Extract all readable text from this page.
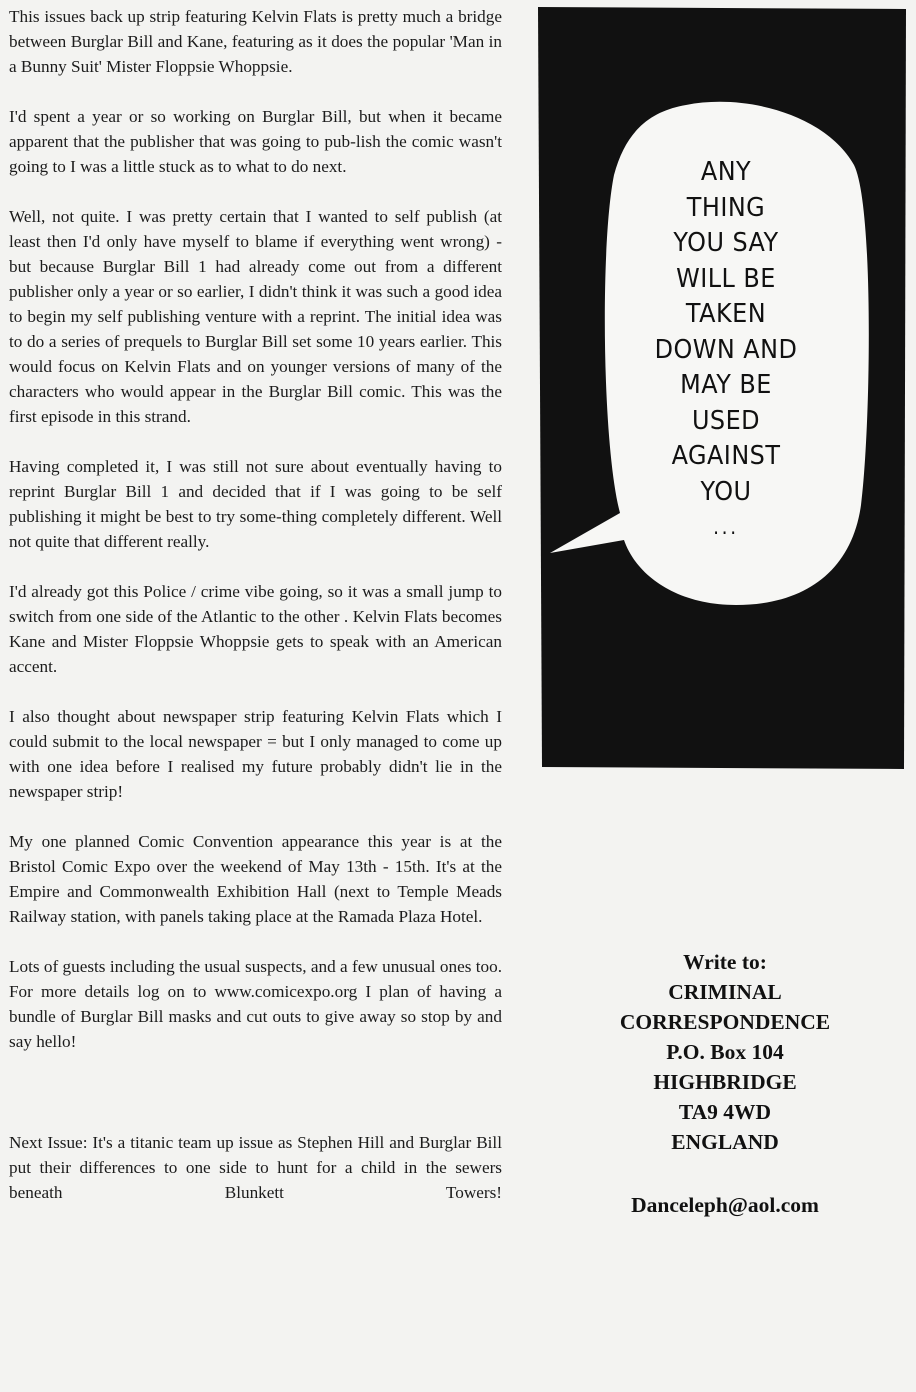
This issues back up strip featuring Kelvin Flats is pretty much a bridge between Burglar Bill and Kane, featuring as it does the popular 'Man in a Bunny Suit' Mister Floppsie Whoppsie.

I'd spent a year or so working on Burglar Bill, but when it became apparent that the publisher that was going to pub-lish the comic wasn't going to I was a little stuck as to what to do next.

Well, not quite. I was pretty certain that I wanted to self publish (at least then I'd only have myself to blame if everything went wrong) - but because Burglar Bill 1 had already come out from a different publisher only a year or so earlier, I didn't think it was such a good idea to begin my self publishing venture with a reprint. The initial idea was to do a series of prequels to Burglar Bill set some 10 years earlier. This would focus on Kelvin Flats and on younger versions of many of the characters who would appear in the Burglar Bill comic. This was the first episode in this strand.

Having completed it, I was still not sure about eventually having to reprint Burglar Bill 1 and decided that if I was going to be self publishing it might be best to try some-thing completely different. Well not quite that different really.

I'd already got this Police / crime vibe going, so it was a small jump to switch from one side of the Atlantic to the other . Kelvin Flats becomes Kane and Mister Floppsie Whoppsie gets to speak with an American accent.

I also thought about newspaper strip featuring Kelvin Flats which I could submit to the local newspaper = but I only managed to come up with one idea before I realised my future probably didn't lie in the newspaper strip!

My one planned Comic Convention appearance this year is at the Bristol Comic Expo over the weekend of May 13th - 15th. It's at the Empire and Commonwealth Exhibition Hall (next to Temple Meads Railway station, with panels taking place at the Ramada Plaza Hotel.

Lots of guests including the usual suspects, and a few unusual ones too. For more details log on to www.comicexpo.org I plan of having a bundle of Burglar Bill masks and cut outs to give away so stop by and say hello!

Next Issue: It's a titanic team up issue as Stephen Hill and Burglar Bill put their differences to one side to hunt for a child in the sewers beneath Blunkett Towers!

ANY
THING
YOU SAY
WILL BE
TAKEN
DOWN AND
MAY BE
USED
AGAINST
YOU
...
Write to:
CRIMINAL
CORRESPONDENCE
P.O. Box 104
HIGHBRIDGE
TA9 4WD
ENGLAND
Danceleph@aol.com
